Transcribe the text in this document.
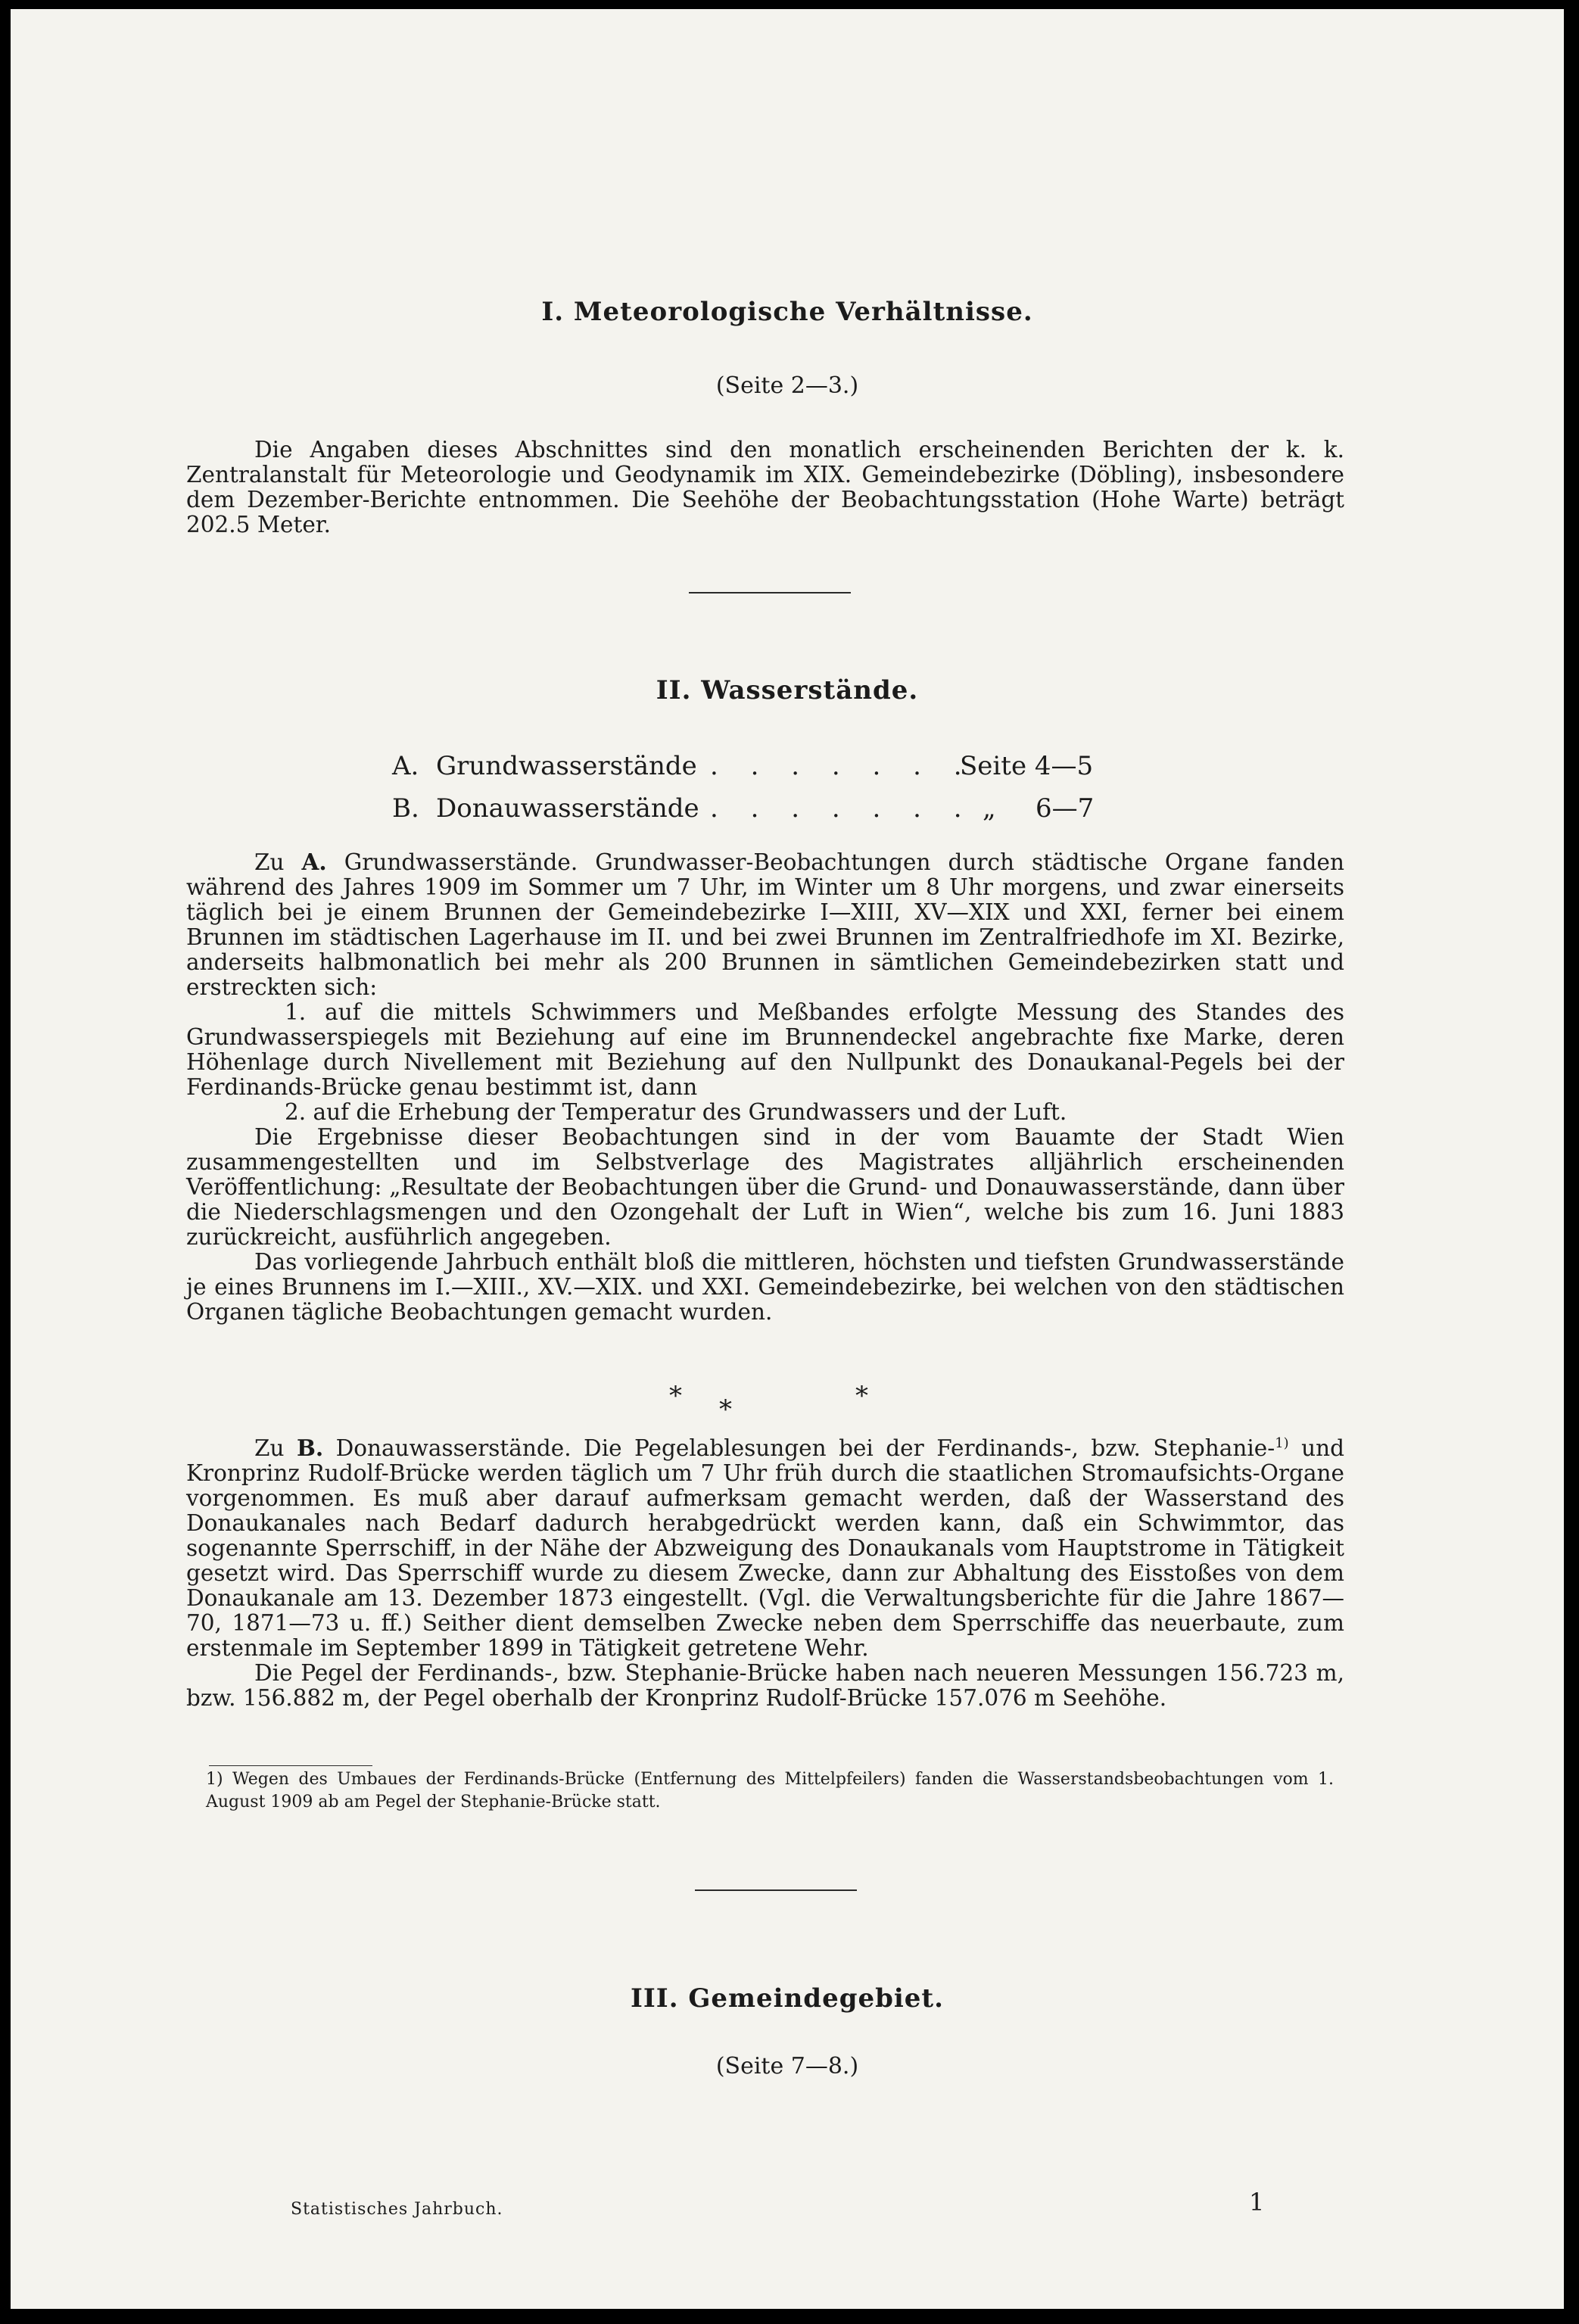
⠀
I. Meteorologische Verhältnisse.
(Seite 2—3.)

Die Angaben dieses Abschnittes sind den monatlich erscheinenden Berichten der k. k. Zentralanstalt für Meteorologie und Geodynamik im XIX. Gemeindebezirke (Döbling), insbesondere dem Dezember-Berichte entnommen. Die Seehöhe der Beobachtungsstation (Hohe Warte) beträgt 202.5 Meter.

II. Wasserstände.
A. Grundwasserstände . . . . . . .
Seite 4—5
B. Donauwasserstände . . . . . . . „ 6—7

Zu A. Grundwasserstände. Grundwasser-Beobachtungen durch städtische Organe fanden während des Jahres 1909 im Sommer um 7 Uhr, im Winter um 8 Uhr morgens, und zwar einerseits täglich bei je einem Brunnen der Gemeindebezirke I—XIII, XV—XIX und XXI, ferner bei einem Brunnen im städtischen Lagerhause im II. und bei zwei Brunnen im Zentralfriedhofe im XI. Bezirke, anderseits halbmonatlich bei mehr als 200 Brunnen in sämtlichen Gemeindebezirken statt und erstreckten sich:

1. auf die mittels Schwimmers und Meßbandes erfolgte Messung des Standes des Grundwasserspiegels mit Beziehung auf eine im Brunnendeckel angebrachte fixe Marke, deren Höhenlage durch Nivellement mit Beziehung auf den Nullpunkt des Donaukanal-Pegels bei der Ferdinands-Brücke genau bestimmt ist, dann

2. auf die Erhebung der Temperatur des Grundwassers und der Luft.

Die Ergebnisse dieser Beobachtungen sind in der vom Bauamte der Stadt Wien zusammengestellten und im Selbstverlage des Magistrates alljährlich erscheinenden Veröffentlichung: „Resultate der Beobachtungen über die Grund- und Donauwasserstände, dann über die Niederschlagsmengen und den Ozongehalt der Luft in Wien“, welche bis zum 16. Juni 1883 zurückreicht, ausführlich angegeben.

Das vorliegende Jahrbuch enthält bloß die mittleren, höchsten und tiefsten Grundwasserstände je eines Brunnens im I.—XIII., XV.—XIX. und XXI. Gemeindebezirke, bei welchen von den städtischen Organen tägliche Beobachtungen gemacht wurden.

* *	*

Zu B. Donauwasserstände. Die Pegelablesungen bei der Ferdinands-, bzw. Stephanie-$^{1)}$ und Kronprinz Rudolf-Brücke werden täglich um 7 Uhr früh durch die staatlichen Stromaufsichts-Organe vorgenommen. Es muß aber darauf aufmerksam gemacht werden, daß der Wasserstand des Donaukanales nach Bedarf dadurch herabgedrückt werden kann, daß ein Schwimmtor, das sogenannte Sperrschiff, in der Nähe der Abzweigung des Donaukanals vom Hauptstrome in Tätigkeit gesetzt wird. Das Sperrschiff wurde zu diesem Zwecke, dann zur Abhaltung des Eisstoßes von dem Donaukanale am 13. Dezember 1873 eingestellt. (Vgl. die Verwaltungsberichte für die Jahre 1867—70, 1871—73 u. ff.) Seither dient demselben Zwecke neben dem Sperrschiffe das neuerbaute, zum erstenmale im September 1899 in Tätigkeit getretene Wehr.

Die Pegel der Ferdinands-, bzw. Stephanie-Brücke haben nach neueren Messungen 156.723 m, bzw. 156.882 m, der Pegel oberhalb der Kronprinz Rudolf-Brücke 157.076 m Seehöhe.

1) Wegen des Umbaues der Ferdinands-Brücke (Entfernung des Mittelpfeilers) fanden die Wasserstandsbeobachtungen vom 1. August 1909 ab am Pegel der Stephanie-Brücke statt.
III. Gemeindegebiet.
(Seite 7—8.)
Statistisches Jahrbuch.	1
